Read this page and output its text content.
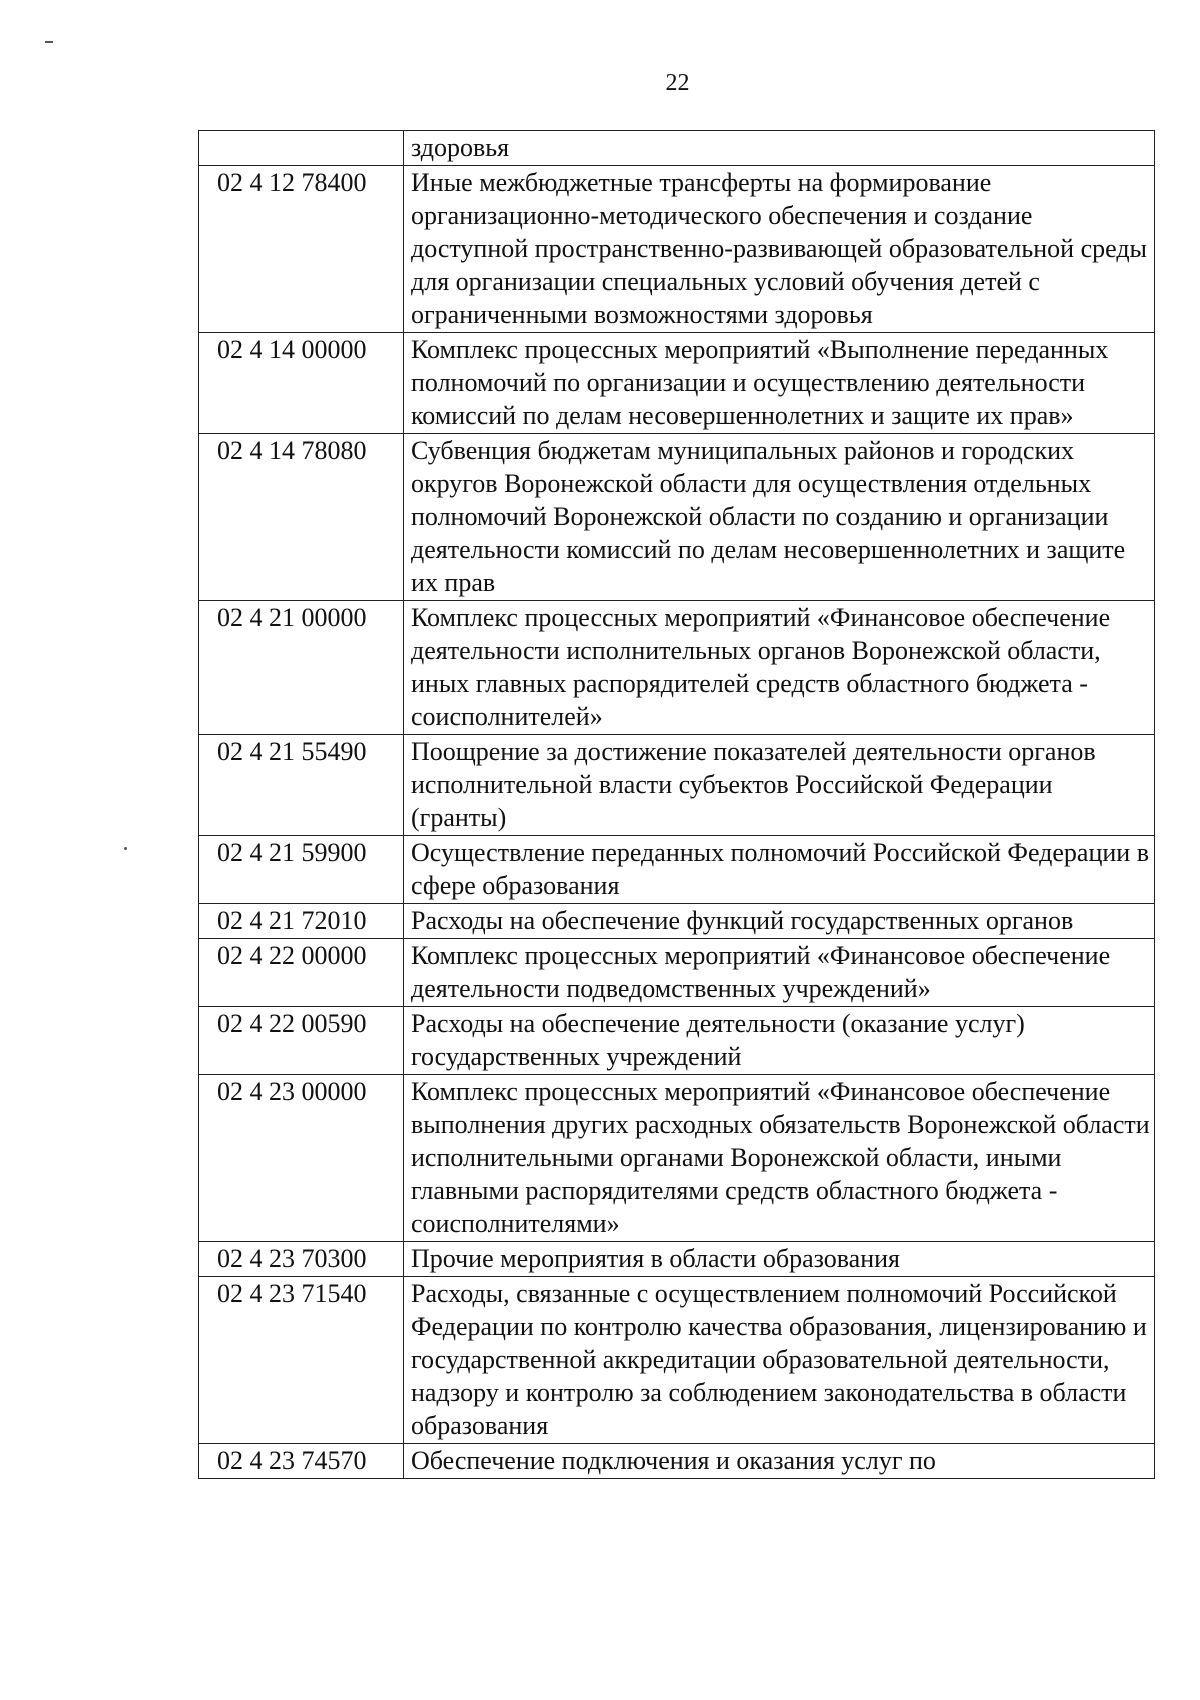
22
	здоровья
02 4 12 78400	Иные межбюджетные трансферты на формирование организационно-методического обеспечения и создание доступной пространственно-развивающей образовательной среды для организации специальных условий обучения детей с ограниченными возможностями здоровья
02 4 14 00000	Комплекс процессных мероприятий «Выполнение переданных полномочий по организации и осуществлению деятельности комиссий по делам несовершеннолетних и защите их прав»
02 4 14 78080	Субвенция бюджетам муниципальных районов и городских округов Воронежской области для осуществления отдельных полномочий Воронежской области по созданию и организации деятельности комиссий по делам несовершеннолетних и защите их прав
02 4 21 00000	Комплекс процессных мероприятий «Финансовое обеспечение деятельности исполнительных органов Воронежской области, иных главных распорядителей средств областного бюджета - соисполнителей»
02 4 21 55490	Поощрение за достижение показателей деятельности органов исполнительной власти субъектов Российской Федерации (гранты)
02 4 21 59900	Осуществление переданных полномочий Российской Федерации в сфере образования
02 4 21 72010	Расходы на обеспечение функций государственных органов
02 4 22 00000	Комплекс процессных мероприятий «Финансовое обеспечение деятельности подведомственных учреждений»
02 4 22 00590	Расходы на обеспечение деятельности (оказание услуг) государственных учреждений
02 4 23 00000	Комплекс процессных мероприятий «Финансовое обеспечение выполнения других расходных обязательств Воронежской области исполнительными органами Воронежской области, иными главными распорядителями средств областного бюджета - соисполнителями»
02 4 23 70300	Прочие мероприятия в области образования
02 4 23 71540	Расходы, связанные с осуществлением полномочий Российской Федерации по контролю качества образования, лицензированию и государственной аккредитации образовательной деятельности, надзору и контролю за соблюдением законодательства в области образования
02 4 23 74570	Обеспечение подключения и оказания услуг по
